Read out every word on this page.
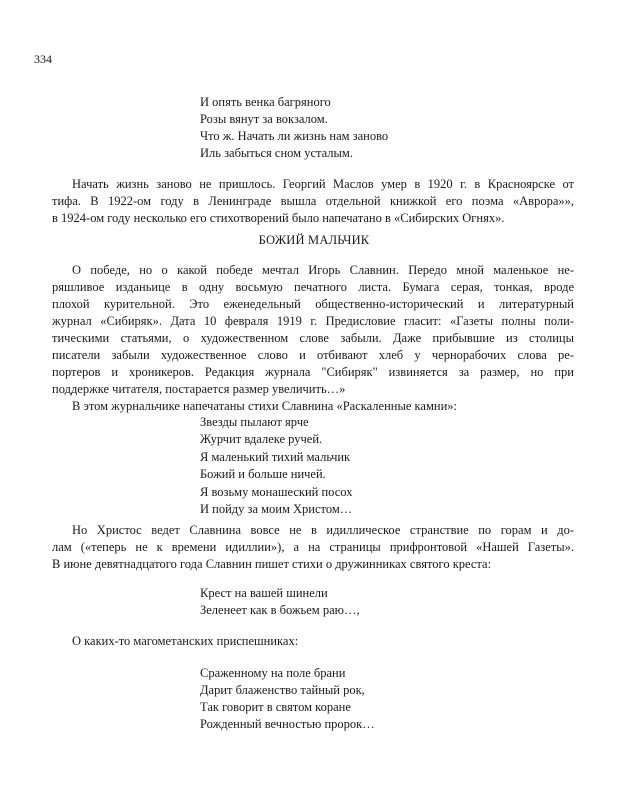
334
И опять венка багряного
Розы вянут за вокзалом.
Что ж. Начать ли жизнь нам заново
Иль забыться сном усталым.
Начать жизнь заново не пришлось. Георгий Маслов умер в 1920 г. в Красноярске от
тифа. В 1922-ом году в Ленинграде вышла отдельной книжкой его поэма «Аврора»»,
в 1924-ом году несколько его стихотворений было напечатано в «Сибирских Огнях».
БОЖИЙ МАЛЬЧИК
О победе, но о какой победе мечтал Игорь Славнин. Передо мной маленькое не-
ряшливое изданьице в одну восьмую печатного листа. Бумага серая, тонкая, вроде
плохой курительной. Это еженедельный общественно-исторический и литературный
журнал «Сибиряк». Дата 10 февраля 1919 г. Предисловие гласит: «Газеты полны поли-
тическими статьями, о художественном слове забыли. Даже прибывшие из столицы
писатели забыли художественное слово и отбивают хлеб у чернорабочих слова ре-
портеров и хроникеров. Редакция журнала "Сибиряк" извиняется за размер, но при
поддержке читателя, постарается размер увеличить…»
В этом журнальчике напечатаны стихи Славнина «Раскаленные камни»:
Звезды пылают ярче
Журчит вдалеке ручей.
Я маленький тихий мальчик
Божий и больше ничей.
Я возьму монашеский посох
И пойду за моим Христом…
Но Христос ведет Славнина вовсе не в идиллическое странствие по горам и до-
лам («теперь не к времени идиллии»), а на страницы прифронтовой «Нашей Газеты».
В июне девятнадцатого года Славнин пишет стихи о дружинниках святого креста:
Крест на вашей шинели
Зеленеет как в божьем раю…,
О каких-то магометанских приспешниках:
Сраженному на поле брани
Дарит блаженство тайный рок,
Так говорит в святом коране
Рожденный вечностью пророк…
